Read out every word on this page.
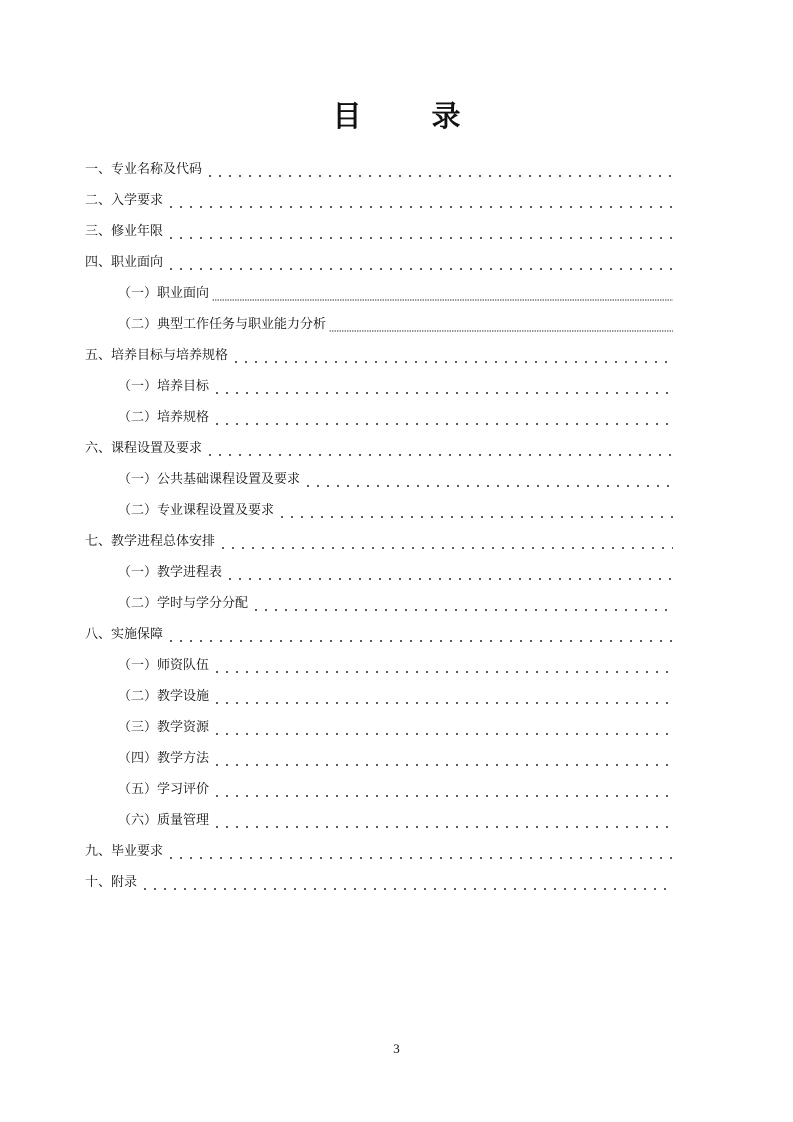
目 录
一、专业名称及代码
二、入学要求
三、修业年限
四、职业面向
（一）职业面向
（二）典型工作任务与职业能力分析
五、培养目标与培养规格
（一）培养目标
（二）培养规格
六、课程设置及要求
（一）公共基础课程设置及要求
（二）专业课程设置及要求
七、教学进程总体安排
（一）教学进程表
（二）学时与学分分配
八、实施保障
（一）师资队伍
（二）教学设施
（三）教学资源
（四）教学方法
（五）学习评价
（六）质量管理
九、毕业要求
十、附录
3
